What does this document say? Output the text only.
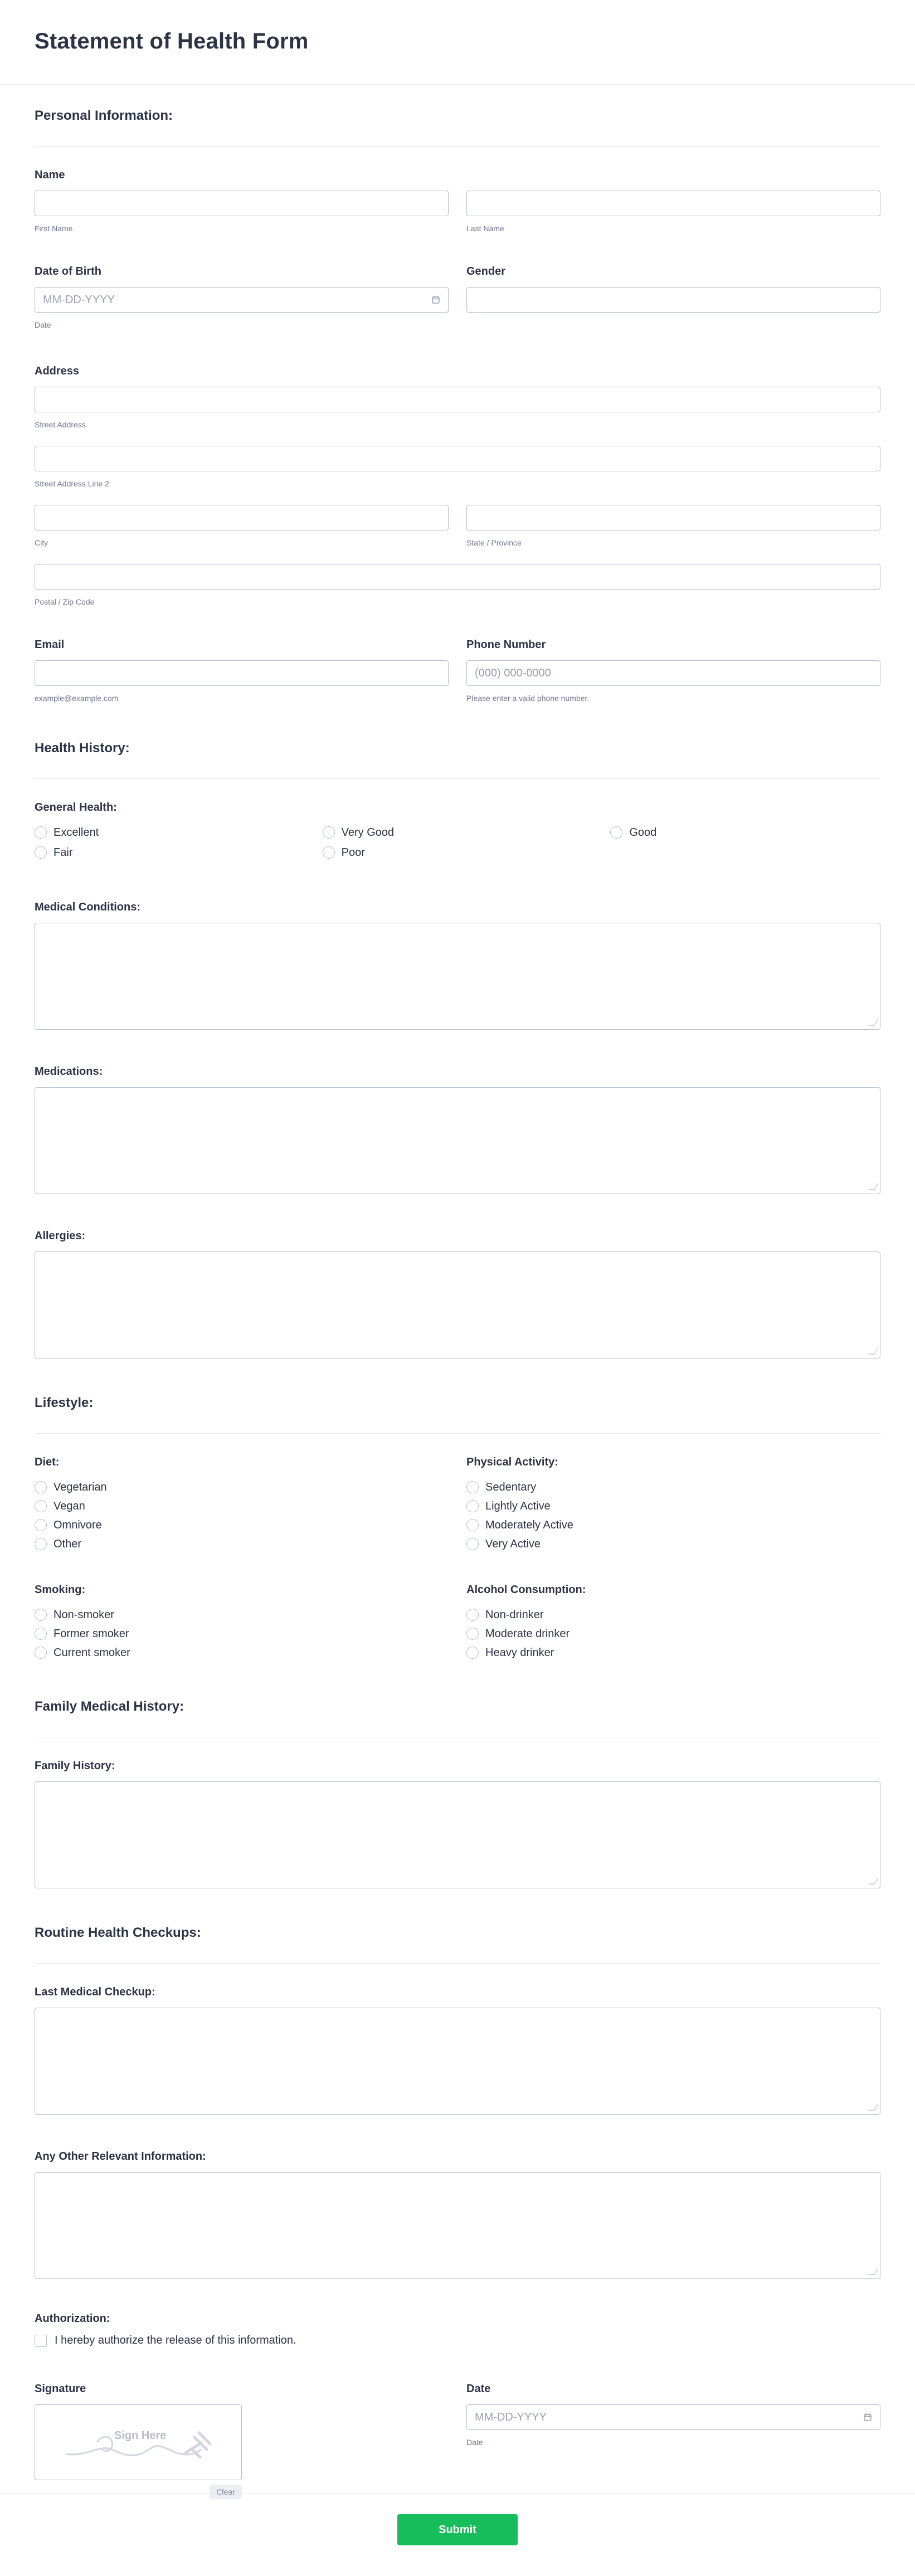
Statement of Health Form
Personal Information:
Name
First Name	Last Name
Date of Birth
MM-DD-YYYY
Date
Gender
Address
Street Address
Street Address Line 2
City	State / Province
Postal / Zip Code
Email
example@example.com
Phone Number
(000) 000-0000
Please enter a valid phone number.
Health History:
General Health:
Excellent	Very Good	Good
Fair	Poor
Medical Conditions:
Medications:
Allergies:
Lifestyle:
Diet:
Vegetarian
Vegan
Omnivore
Other
Physical Activity:
Sedentary
Lightly Active
Moderately Active
Very Active
Smoking:
Non-smoker
Former smoker
Current smoker
Alcohol Consumption:
Non-drinker
Moderate drinker
Heavy drinker
Family Medical History:
Family History:
Routine Health Checkups:
Last Medical Checkup:
Any Other Relevant Information:
Authorization:
I hereby authorize the release of this information.
Signature
Sign Here
Clear
Date
MM-DD-YYYY
Date
Submit
